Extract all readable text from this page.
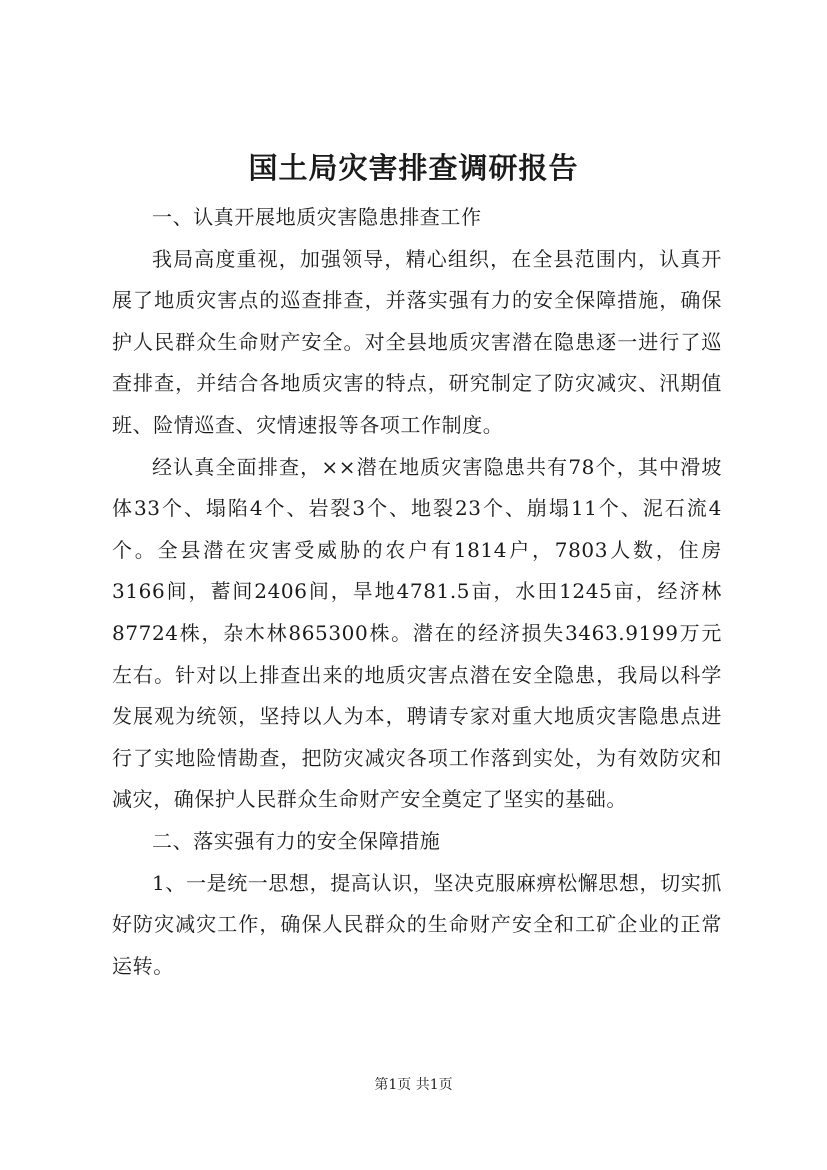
国土局灾害排查调研报告

一、认真开展地质灾害隐患排查工作

我局高度重视，加强领导，精心组织，在全县范围内，认真开展了地质灾害点的巡查排查，并落实强有力的安全保障措施，确保护人民群众生命财产安全。对全县地质灾害潜在隐患逐一进行了巡查排查，并结合各地质灾害的特点，研究制定了防灾减灾、汛期值班、险情巡查、灾情速报等各项工作制度。

经认真全面排查，××潜在地质灾害隐患共有78个，其中滑坡体33个、塌陷4个、岩裂3个、地裂23个、崩塌11个、泥石流4个。全县潜在灾害受威胁的农户有1814户，7803人数，住房3166间，蓄间2406间，旱地4781.5亩，水田1245亩，经济林87724株，杂木林865300株。潜在的经济损失3463.9199万元左右。针对以上排查出来的地质灾害点潜在安全隐患，我局以科学发展观为统领，坚持以人为本，聘请专家对重大地质灾害隐患点进行了实地险情勘查，把防灾减灾各项工作落到实处，为有效防灾和减灾，确保护人民群众生命财产安全奠定了坚实的基础。

二、落实强有力的安全保障措施

1、一是统一思想，提高认识，坚决克服麻痹松懈思想，切实抓好防灾减灾工作，确保人民群众的生命财产安全和工矿企业的正常运转。

第1页 共1页
